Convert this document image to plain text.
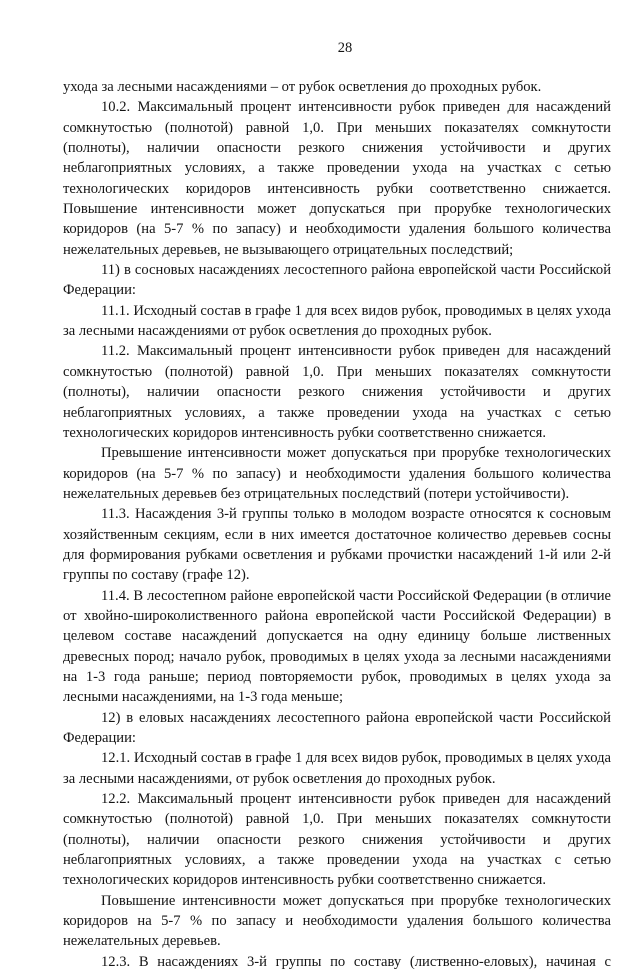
28

ухода за лесными насаждениями – от рубок осветления до проходных рубок.

10.2. Максимальный процент интенсивности рубок приведен для насаждений сомкнутостью (полнотой) равной 1,0. При меньших показателях сомкнутости (полноты), наличии опасности резкого снижения устойчивости и других неблагоприятных условиях, а также проведении ухода на участках с сетью технологических коридоров интенсивность рубки соответственно снижается. Повышение интенсивности может допускаться при прорубке технологических коридоров (на 5-7 % по запасу) и необходимости удаления большого количества нежелательных деревьев, не вызывающего отрицательных последствий;

11) в сосновых насаждениях лесостепного района европейской части Российской Федерации:

11.1. Исходный состав в графе 1 для всех видов рубок, проводимых в целях ухода за лесными насаждениями от рубок осветления до проходных рубок.

11.2. Максимальный процент интенсивности рубок приведен для насаждений сомкнутостью (полнотой) равной 1,0. При меньших показателях сомкнутости (полноты), наличии опасности резкого снижения устойчивости и других неблагоприятных условиях, а также проведении ухода на участках с сетью технологических коридоров интенсивность рубки соответственно снижается.

Превышение интенсивности может допускаться при прорубке технологических коридоров (на 5-7 % по запасу) и необходимости удаления большого количества нежелательных деревьев без отрицательных последствий (потери устойчивости).

11.3. Насаждения 3-й группы только в молодом возрасте относятся к сосновым хозяйственным секциям, если в них имеется достаточное количество деревьев сосны для формирования рубками осветления и рубками прочистки насаждений 1-й или 2-й группы по составу (графе 12).

11.4. В лесостепном районе европейской части Российской Федерации (в отличие от хвойно-широколиственного района европейской части Российской Федерации) в целевом составе насаждений допускается на одну единицу больше лиственных древесных пород; начало рубок, проводимых в целях ухода за лесными насаждениями на 1-3 года раньше; период повторяемости рубок, проводимых в целях ухода за лесными насаждениями, на 1-3 года меньше;

12) в еловых насаждениях лесостепного района европейской части Российской Федерации:

12.1. Исходный состав в графе 1 для всех видов рубок, проводимых в целях ухода за лесными насаждениями, от рубок осветления до проходных рубок.

12.2. Максимальный процент интенсивности рубок приведен для насаждений сомкнутостью (полнотой) равной 1,0. При меньших показателях сомкнутости (полноты), наличии опасности резкого снижения устойчивости и других неблагоприятных условиях, а также проведении ухода на участках с сетью технологических коридоров интенсивность рубки соответственно снижается.

Повышение интенсивности может допускаться при прорубке технологических коридоров на 5-7 % по запасу и необходимости удаления большого количества нежелательных деревьев.

12.3. В насаждениях 3-й группы по составу (лиственно-еловых), начиная с
